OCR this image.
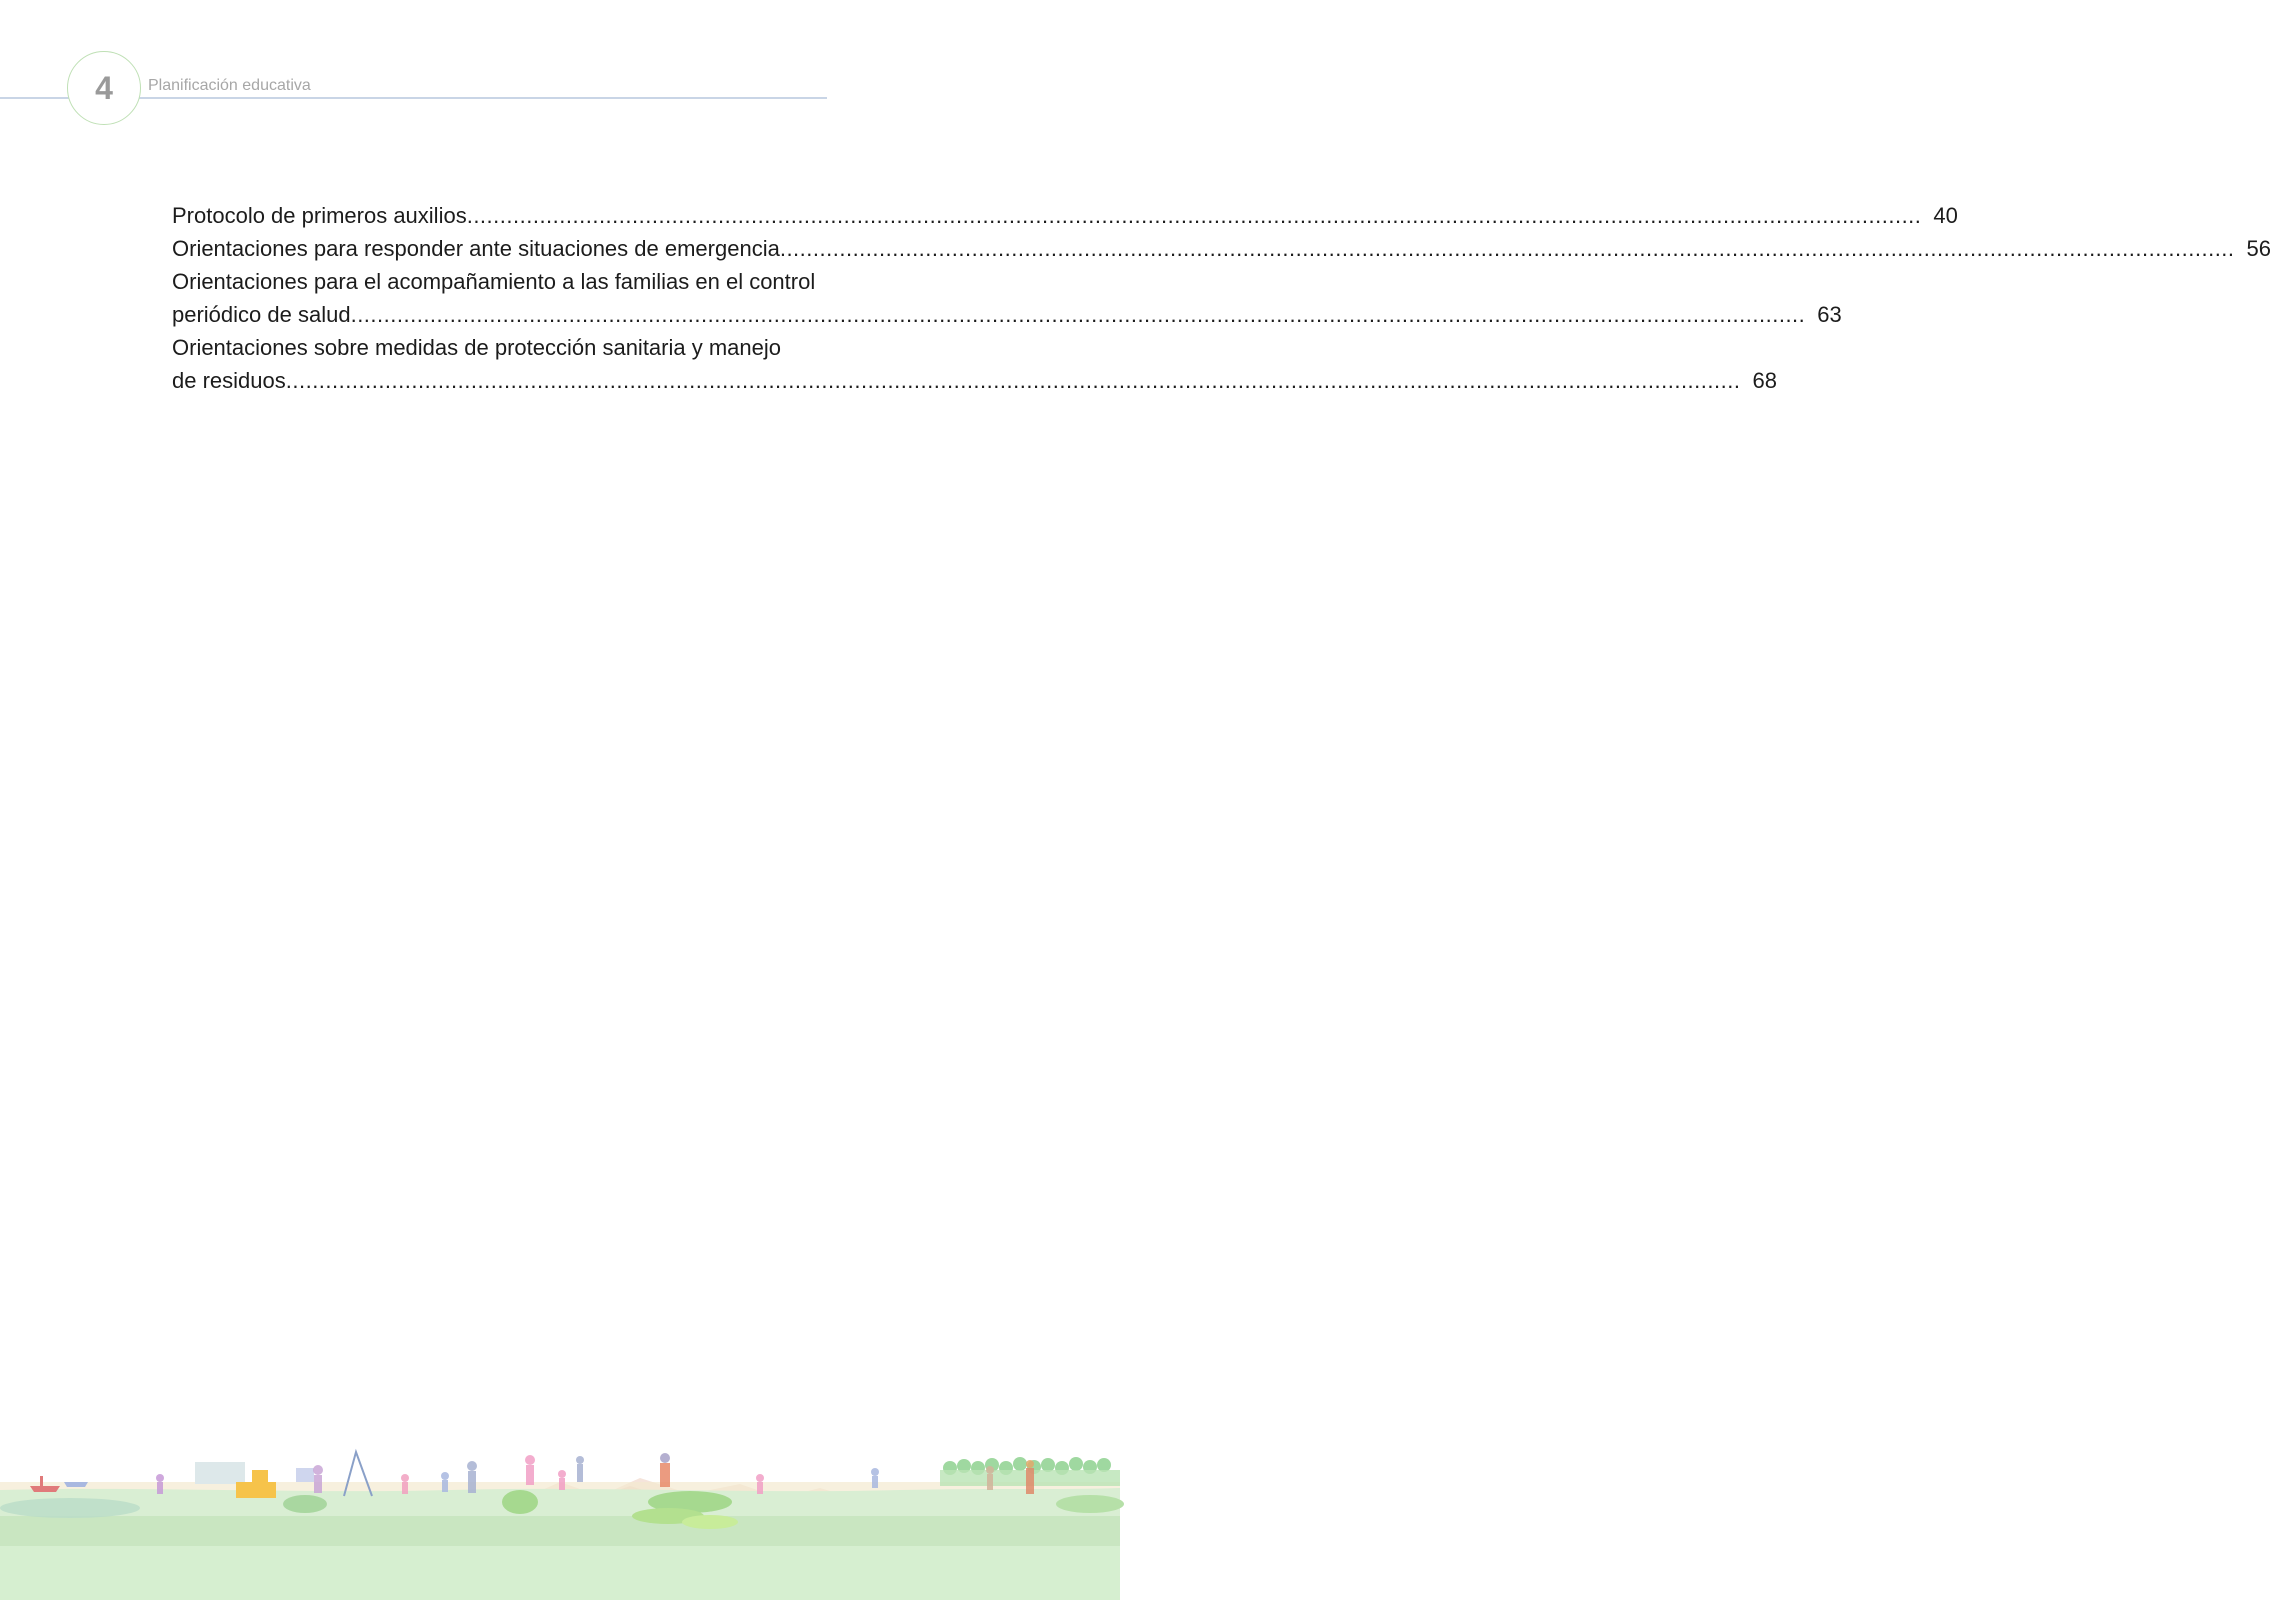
4 Planificación educativa
Protocolo de primeros auxilios ............................................................................................................................................................................................................................ 40
Orientaciones para responder ante situaciones de emergencia ............................................................................................................................................................................................................................ 56
Orientaciones para el acompañamiento a las familias en el control
periódico de salud ............................................................................................................................................................................................................................ 63
Orientaciones sobre medidas de protección sanitaria y manejo
de residuos ............................................................................................................................................................................................................................ 68
